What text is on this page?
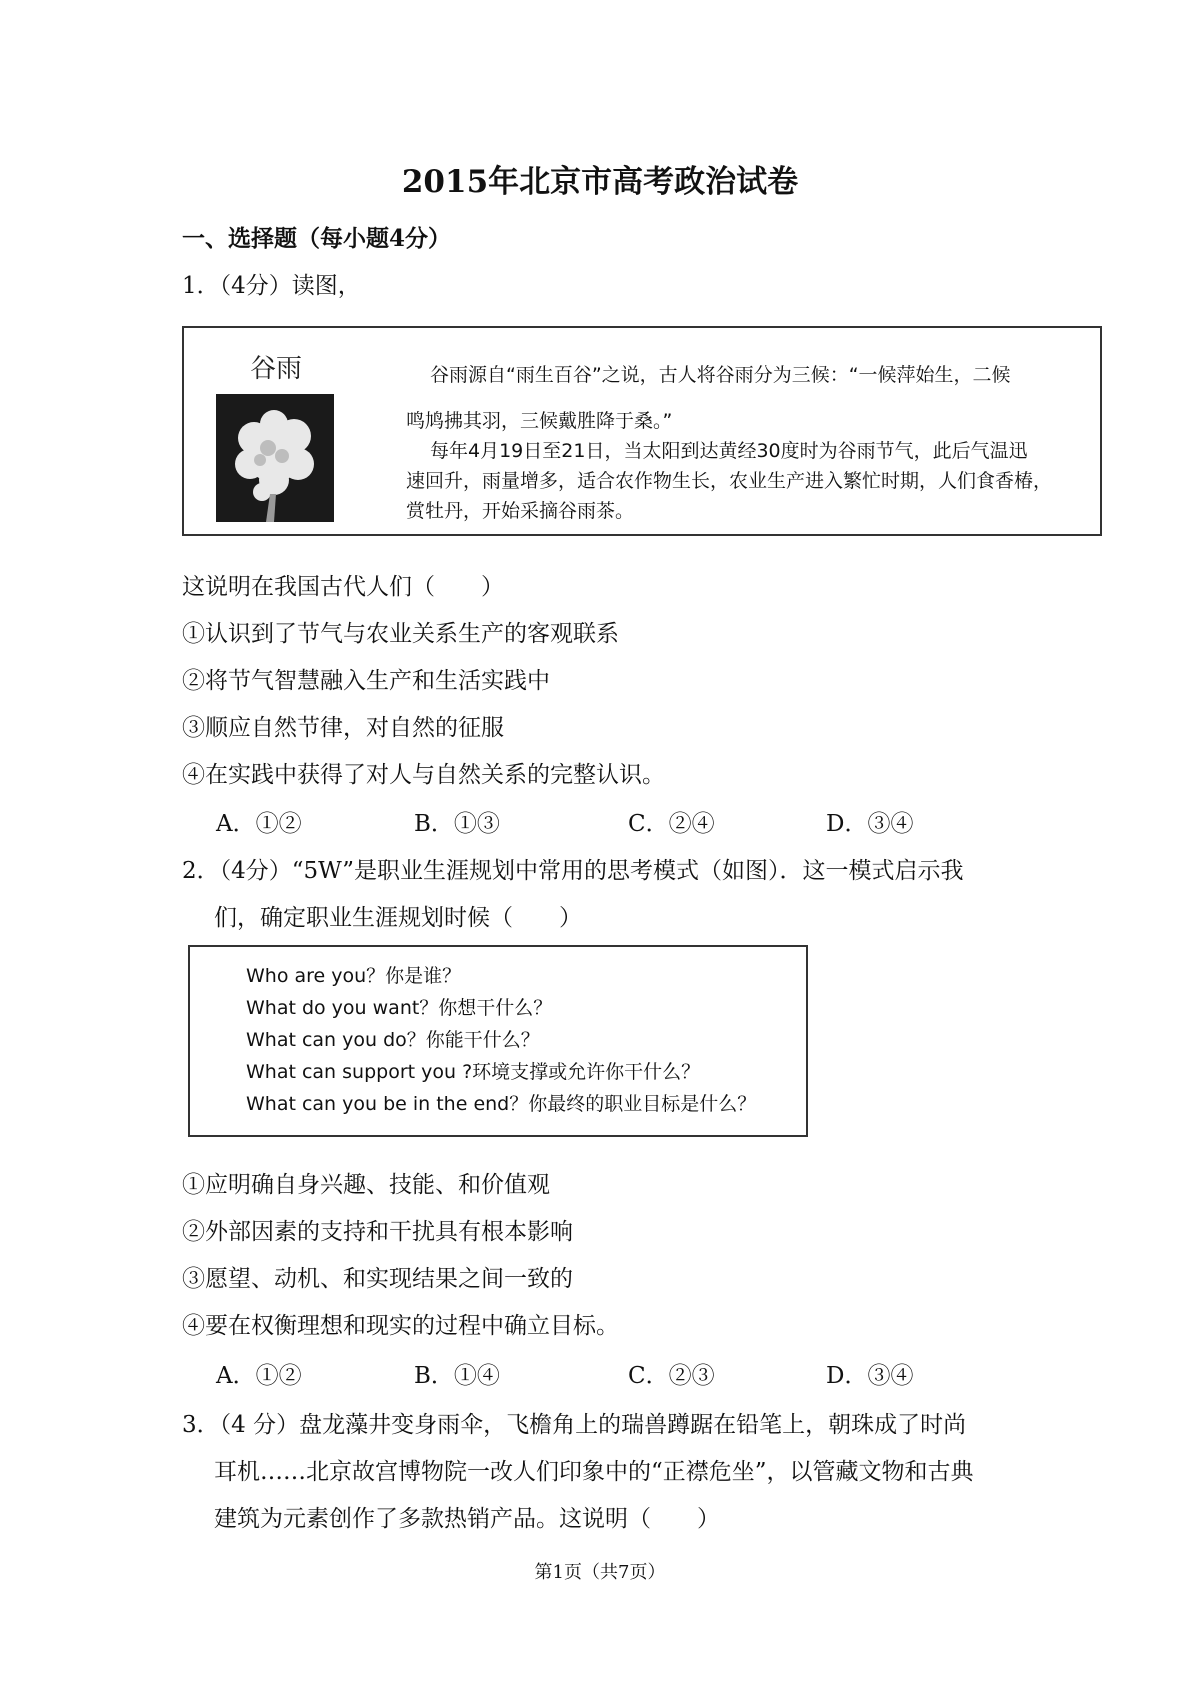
2015年北京市高考政治试卷
一、选择题（每小题4分）
1．（4分）读图，
谷雨	谷雨源自“雨生百谷”之说，古人将谷雨分为三候：“一候萍始生，二候
鸣鸠拂其羽，三候戴胜降于桑。”
每年4月19日至21日，当太阳到达黄经30度时为谷雨节气，此后气温迅
速回升，雨量增多，适合农作物生长，农业生产进入繁忙时期，人们食香椿，
赏牡丹，开始采摘谷雨茶。
这说明在我国古代人们（　　）
①认识到了节气与农业关系生产的客观联系
②将节气智慧融入生产和生活实践中
③顺应自然节律，对自然的征服
④在实践中获得了对人与自然关系的完整认识。
A．①②	B．①③	C．②④	D．③④
2．（4分）“5W”是职业生涯规划中常用的思考模式（如图）．这一模式启示我
们，确定职业生涯规划时候（　　）
Who are you？你是谁？
What do you want？你想干什么？
What can you do？你能干什么？
What can support you ?环境支撑或允许你干什么？
What can you be in the end？你最终的职业目标是什么？
①应明确自身兴趣、技能、和价值观
②外部因素的支持和干扰具有根本影响
③愿望、动机、和实现结果之间一致的
④要在权衡理想和现实的过程中确立目标。
A．①②	B．①④	C．②③	D．③④
3．（4 分）盘龙藻井变身雨伞，飞檐角上的瑞兽蹲踞在铅笔上，朝珠成了时尚
耳机……北京故宫博物院一改人们印象中的“正襟危坐”，以管藏文物和古典
建筑为元素创作了多款热销产品。这说明（　　）
第1页（共7页）
